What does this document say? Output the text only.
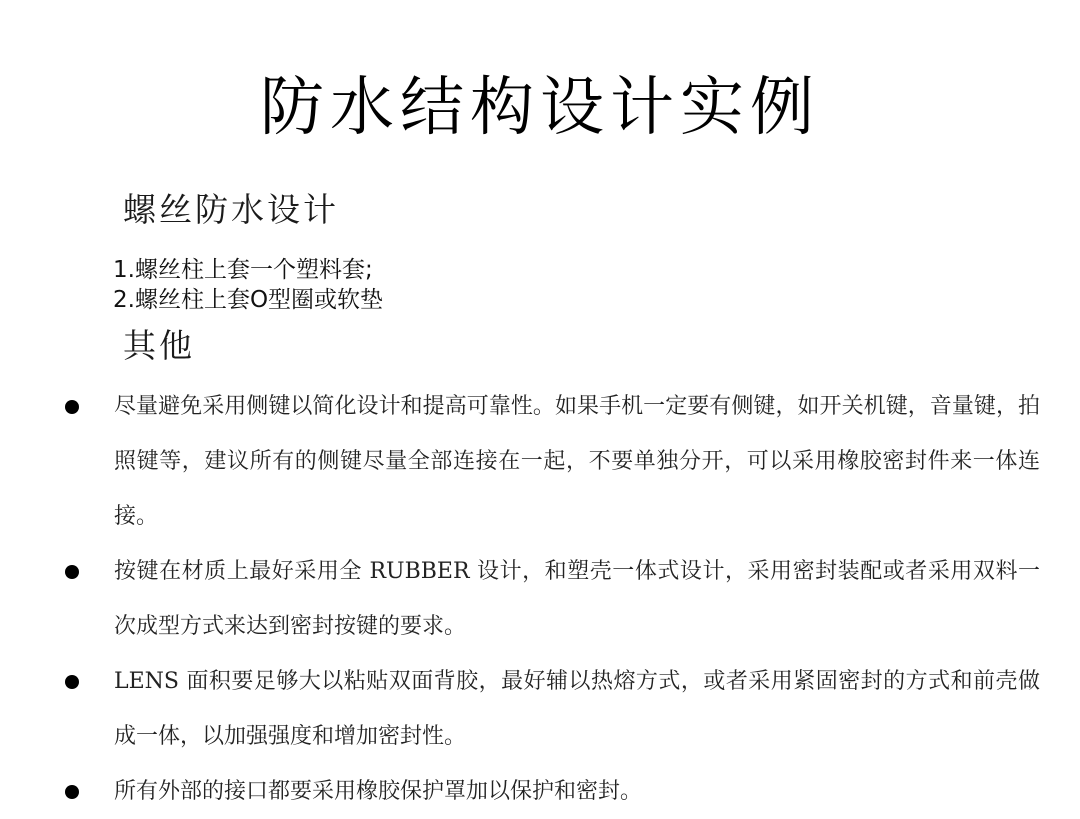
防水结构设计实例
螺丝防水设计
1.螺丝柱上套一个塑料套;
2.螺丝柱上套O型圈或软垫
其他
尽量避免采用侧键以简化设计和提高可靠性。如果手机一定要有侧键，如开关机键，音量键，拍照键等，建议所有的侧键尽量全部连接在一起，不要单独分开，可以采用橡胶密封件来一体连接。
按键在材质上最好采用全 RUBBER 设计，和塑壳一体式设计，采用密封装配或者采用双料一次成型方式来达到密封按键的要求。
LENS 面积要足够大以粘贴双面背胶，最好辅以热熔方式，或者采用紧固密封的方式和前壳做成一体，以加强强度和增加密封性。
所有外部的接口都要采用橡胶保护罩加以保护和密封。
